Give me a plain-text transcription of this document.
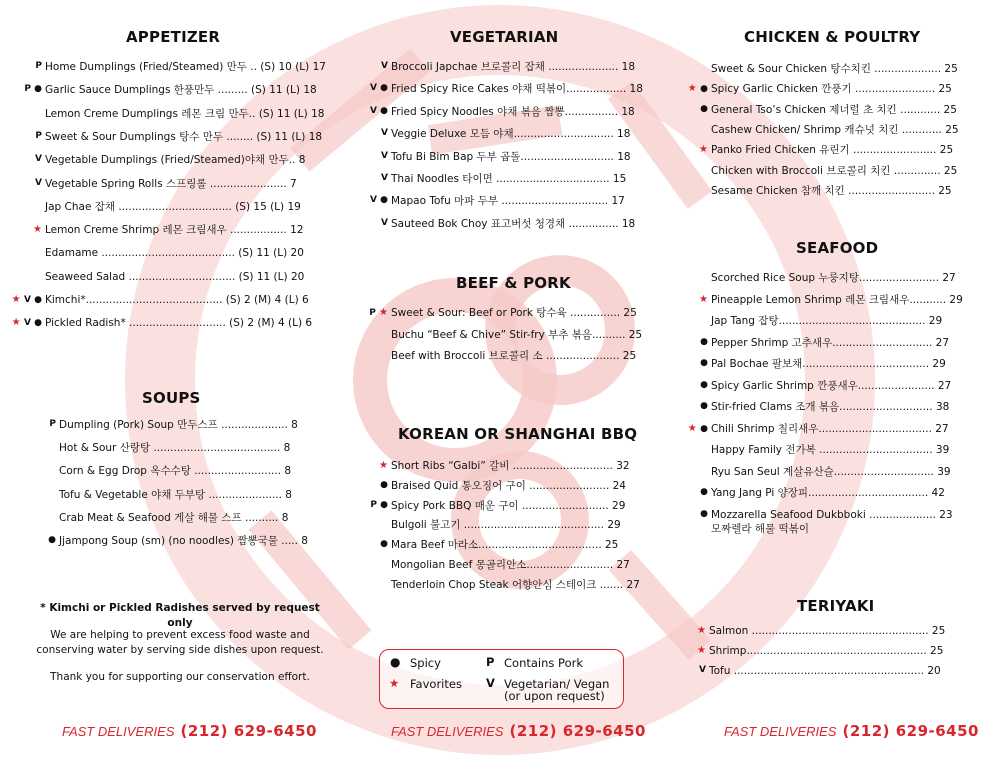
APPETIZER
P Home Dumplings (Fried/Steamed) 만두 .. (S) 10 (L) 17
P ● Garlic Sauce Dumplings 한풍만두 ......... (S) 11 (L) 18
Lemon Creme Dumplings 레몬 크림 만두.. (S) 11 (L) 18
P Sweet & Sour Dumplings 탕수 만두 ........ (S) 11 (L) 18
V Vegetable Dumplings (Fried/Steamed)야채 만두.. 8
V Vegetable Spring Rolls 스프링롤 ....................... 7
Jap Chae 잡채 .................................. (S) 15 (L) 19
★ Lemon Creme Shrimp 레몬 크림새우 ................. 12
Edamame ........................................ (S) 11 (L) 20
Seaweed Salad ................................ (S) 11 (L) 20
★ V ● Kimchi*......................................... (S) 2 (M) 4 (L) 6
★ V ● Pickled Radish* ............................. (S) 2 (M) 4 (L) 6
SOUPS
P Dumpling (Pork) Soup 만두스프 .................... 8
Hot & Sour 산랑탕 ...................................... 8
Corn & Egg Drop 옥수수탕 .......................... 8
Tofu & Vegetable 야채 두부탕 ...................... 8
Crab Meat & Seafood 게살 해물 스프 .......... 8
● Jjampong Soup (sm) (no noodles) 짬뽕국물 ..... 8
* Kimchi or Pickled Radishes served by request only
We are helping to prevent excess food waste and conserving water by serving side dishes upon request.
Thank you for supporting our conservation effort.
FAST DELIVERIES (212) 629-6450
VEGETARIAN
V Broccoli Japchae 브로콜리 잡채 ..................... 18
V ● Fried Spicy Rice Cakes 야채 떡볶이.................. 18
V ● Fried Spicy Noodles 야채 볶음 짬뽕................ 18
V Veggie Deluxe 모듬 야채.............................. 18
V Tofu Bi Bim Bap 두부 곱돌............................ 18
V Thai Noodles 타이면 .................................. 15
V ● Mapao Tofu 마파 두부 ................................ 17
V Sauteed Bok Choy 표고버섯 청경채 ............... 18
BEEF & PORK
P ★ Sweet & Sour: Beef or Pork 탕수육 ............... 25
Buchu “Beef & Chive” Stir-fry 부추 볶음.......... 25
Beef with Broccoli 브로콜리 소 ...................... 25
KOREAN OR SHANGHAI BBQ
★ Short Ribs “Galbi” 갈비 .............................. 32
● Braised Quid 통오징어 구이 ........................ 24
P ● Spicy Pork BBQ 매운 구이 .......................... 29
Bulgoli 불고기 .......................................... 29
● Mara Beef 마라소..................................... 25
Mongolian Beef 몽골리안소.......................... 27
Tenderloin Chop Steak 어향안심 스테이크 ....... 27
● Spicy	P Contains Pork
★ Favorites V Vegetarian/ Vegan
(or upon request)
FAST DELIVERIES (212) 629-6450
CHICKEN & POULTRY
Sweet & Sour Chicken 탕수치킨 .................... 25
★ ● Spicy Garlic Chicken 깐풍기 ........................ 25
● General Tso’s Chicken 제너럴 초 치킨 ............ 25
Cashew Chicken/ Shrimp 캐슈넛 치킨 ............ 25
★ Panko Fried Chicken 유린기 ......................... 25
Chicken with Broccoli 브로콜리 치킨 .............. 25
Sesame Chicken 참깨 치킨 .......................... 25
SEAFOOD
Scorched Rice Soup 누룽지탕........................ 27
★ Pineapple Lemon Shrimp 레몬 크림새우........... 29
Jap Tang 잡탕............................................ 29
● Pepper Shrimp 고추새우.............................. 27
● Pal Bochae 팔보채...................................... 29
● Spicy Garlic Shrimp 깐풍새우....................... 27
● Stir-fried Clams 조개 볶음............................ 38
★ ● Chili Shrimp 칠리새우.................................. 27
Happy Family 전가복 .................................. 39
Ryu San Seul 계살유산슬.............................. 39
● Yang Jang Pi 양장피.................................... 42
● Mozzarella Seafood Dukbboki .................... 23
모짜렐라 해물 떡볶이
TERIYAKI
★ Salmon ..................................................... 25
★ Shrimp...................................................... 25
V Tofu ......................................................... 20
FAST DELIVERIES (212) 629-6450
